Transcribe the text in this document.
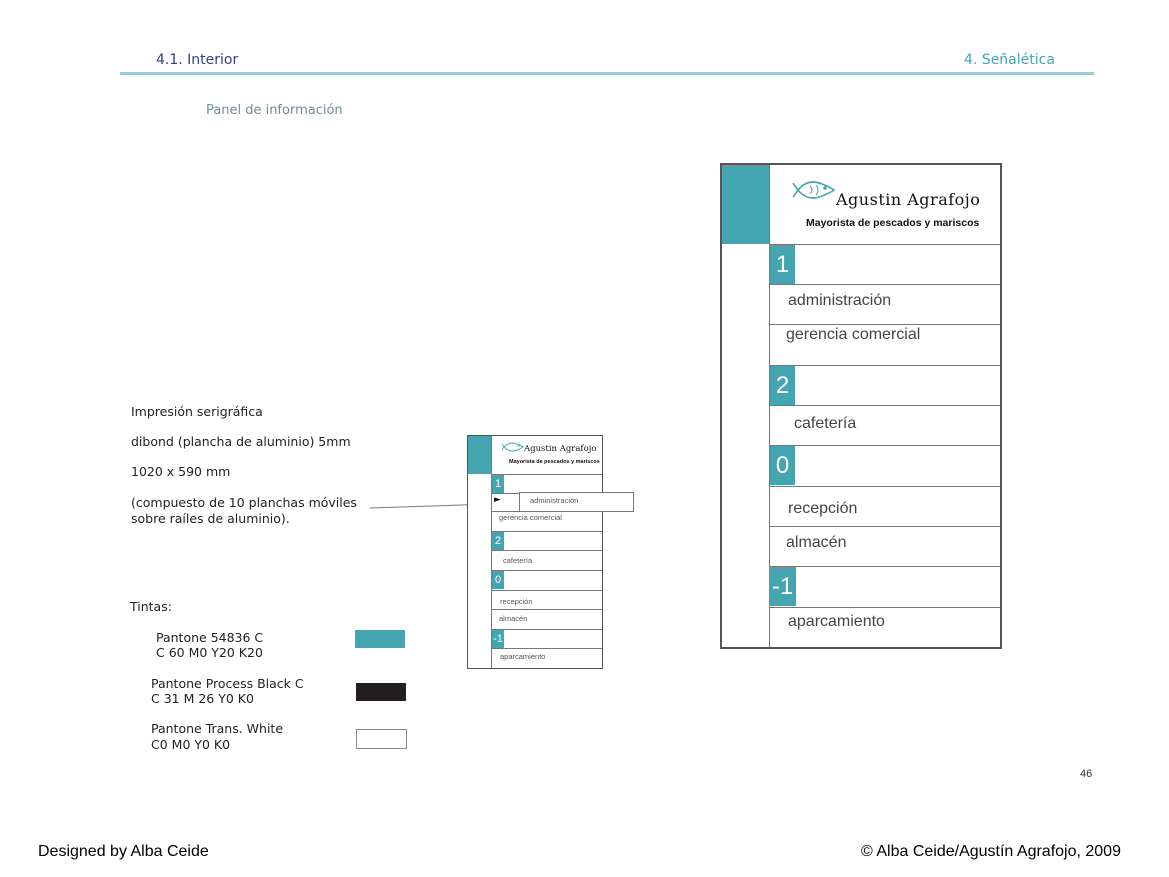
4.1. Interior	4. Señalética
Panel de información
Impresión serigráfica
dibond (plancha de aluminio) 5mm
1020 x 590 mm
(compuesto de 10 planchas móviles
sobre raíles de aluminio).
Tintas:
Pantone 54836 C
C 60 M0 Y20 K20
Pantone Process Black C
C 31 M 26 Y0 K0
Pantone Trans. White
C0 M0 Y0 K0
Agustin Agrafojo
Mayorista de pescados y mariscos
1
►
gerencia comercial
2
cafetería
0
recepción
almacén
-1
aparcamiento
administración
Agustin Agrafojo
Mayorista de pescados y mariscos
1
administración
gerencia comercial
2
cafetería
0
recepción
almacén
-1
aparcamiento
46
Designed by Alba Ceide	© Alba Ceide/Agustín Agrafojo, 2009
